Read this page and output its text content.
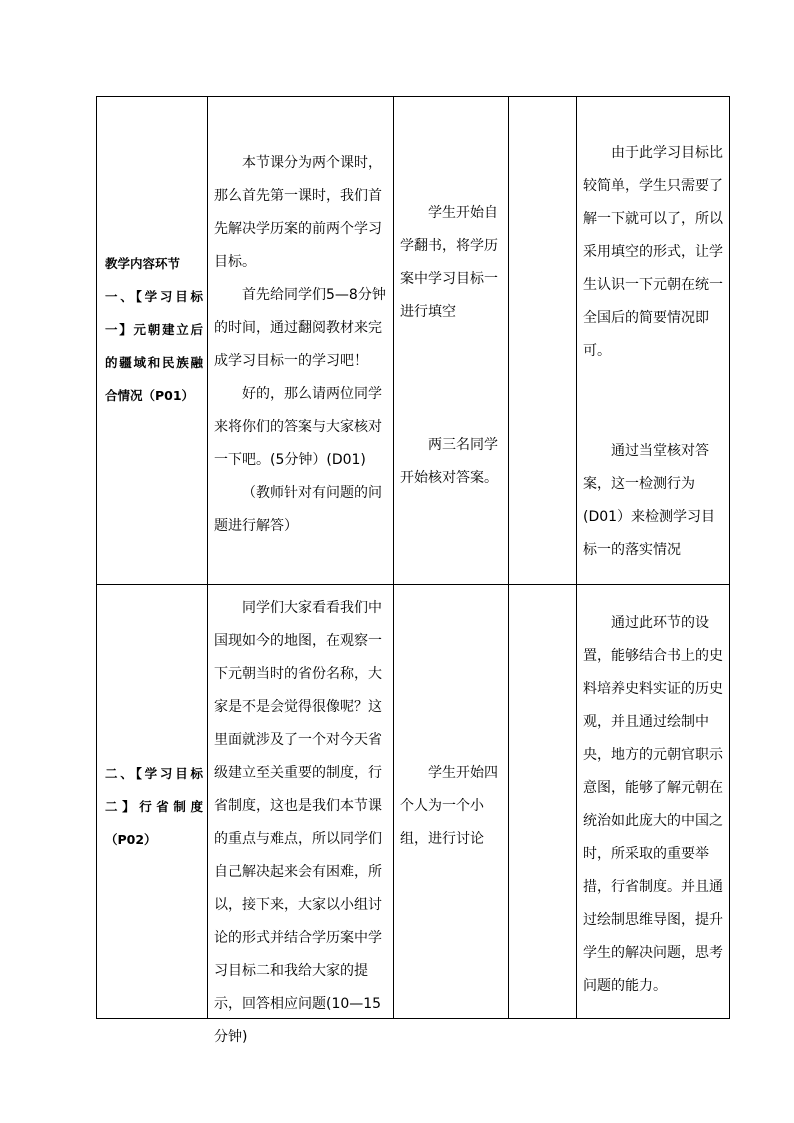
教学内容环节
一、【学习目标一】元朝建立后的疆域和民族融合情况（P01）
本节课分为两个课时，那么首先第一课时，我们首先解决学历案的前两个学习目标。
首先给同学们5—8分钟的时间，通过翻阅教材来完成学习目标一的学习吧！
好的，那么请两位同学来将你们的答案与大家核对一下吧。(5分钟）(D01)
（教师针对有问题的问题进行解答）
学生开始自学翻书，将学历案中学习目标一进行填空
两三名同学开始核对答案。
由于此学习目标比较简单，学生只需要了解一下就可以了，所以采用填空的形式，让学生认识一下元朝在统一全国后的简要情况即可。
通过当堂核对答案，这一检测行为(D01）来检测学习目标一的落实情况
二、【学习目标二】行省制度（P02）
同学们大家看看我们中国现如今的地图，在观察一下元朝当时的省份名称，大家是不是会觉得很像呢？这里面就涉及了一个对今天省级建立至关重要的制度，行省制度，这也是我们本节课的重点与难点，所以同学们自己解决起来会有困难，所以，接下来，大家以小组讨论的形式并结合学历案中学习目标二和我给大家的提示，回答相应问题(10—15分钟)
学生开始四个人为一个小组，进行讨论
通过此环节的设置，能够结合书上的史料培养史料实证的历史观，并且通过绘制中央，地方的元朝官职示意图，能够了解元朝在统治如此庞大的中国之时，所采取的重要举措，行省制度。并且通过绘制思维导图，提升学生的解决问题，思考问题的能力。
